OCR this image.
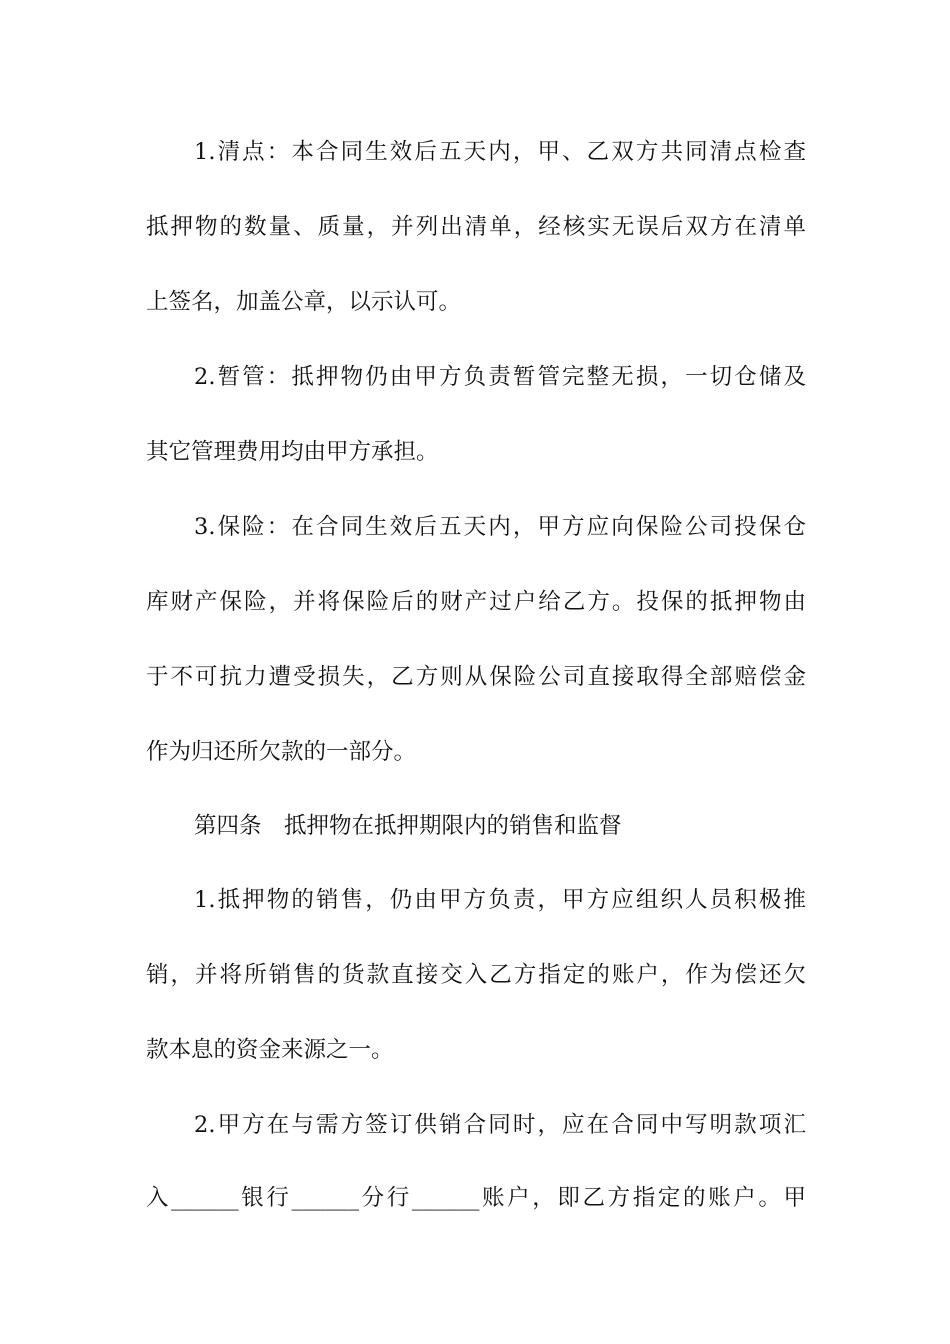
1.清点：本合同生效后五天内，甲、乙双方共同清点检查
抵押物的数量、质量，并列出清单，经核实无误后双方在清单
上签名，加盖公章，以示认可。
2.暂管：抵押物仍由甲方负责暂管完整无损，一切仓储及
其它管理费用均由甲方承担。
3.保险：在合同生效后五天内，甲方应向保险公司投保仓
库财产保险，并将保险后的财产过户给乙方。投保的抵押物由
于不可抗力遭受损失，乙方则从保险公司直接取得全部赔偿金
作为归还所欠款的一部分。
第四条　抵押物在抵押期限内的销售和监督
1.抵押物的销售，仍由甲方负责，甲方应组织人员积极推
销，并将所销售的货款直接交入乙方指定的账户，作为偿还欠
款本息的资金来源之一。
2.甲方在与需方签订供销合同时，应在合同中写明款项汇
入______银行______分行______账户，即乙方指定的账户。甲
